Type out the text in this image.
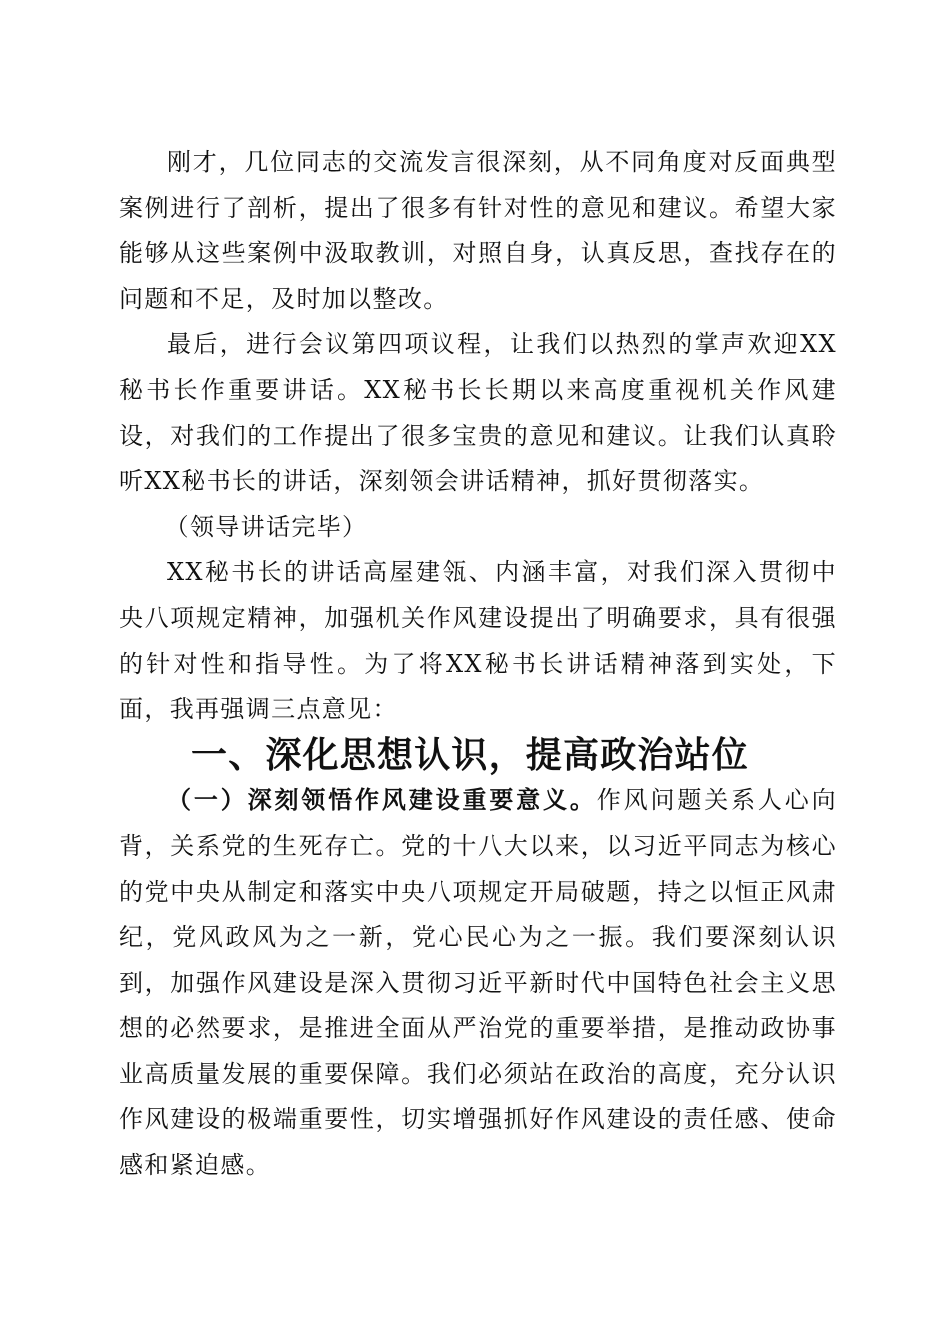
刚才，几位同志的交流发言很深刻，从不同角度对反面典型案例进行了剖析，提出了很多有针对性的意见和建议。希望大家能够从这些案例中汲取教训，对照自身，认真反思，查找存在的问题和不足，及时加以整改。

最后，进行会议第四项议程，让我们以热烈的掌声欢迎XX秘书长作重要讲话。XX秘书长长期以来高度重视机关作风建设，对我们的工作提出了很多宝贵的意见和建议。让我们认真聆听XX秘书长的讲话，深刻领会讲话精神，抓好贯彻落实。

（领导讲话完毕）

XX秘书长的讲话高屋建瓴、内涵丰富，对我们深入贯彻中央八项规定精神，加强机关作风建设提出了明确要求，具有很强的针对性和指导性。为了将XX秘书长讲话精神落到实处，下面，我再强调三点意见：

一、深化思想认识，提高政治站位

（一）深刻领悟作风建设重要意义。作风问题关系人心向背，关系党的生死存亡。党的十八大以来，以习近平同志为核心的党中央从制定和落实中央八项规定开局破题，持之以恒正风肃纪，党风政风为之一新，党心民心为之一振。我们要深刻认识到，加强作风建设是深入贯彻习近平新时代中国特色社会主义思想的必然要求，是推进全面从严治党的重要举措，是推动政协事业高质量发展的重要保障。我们必须站在政治的高度，充分认识作风建设的极端重要性，切实增强抓好作风建设的责任感、使命感和紧迫感。
